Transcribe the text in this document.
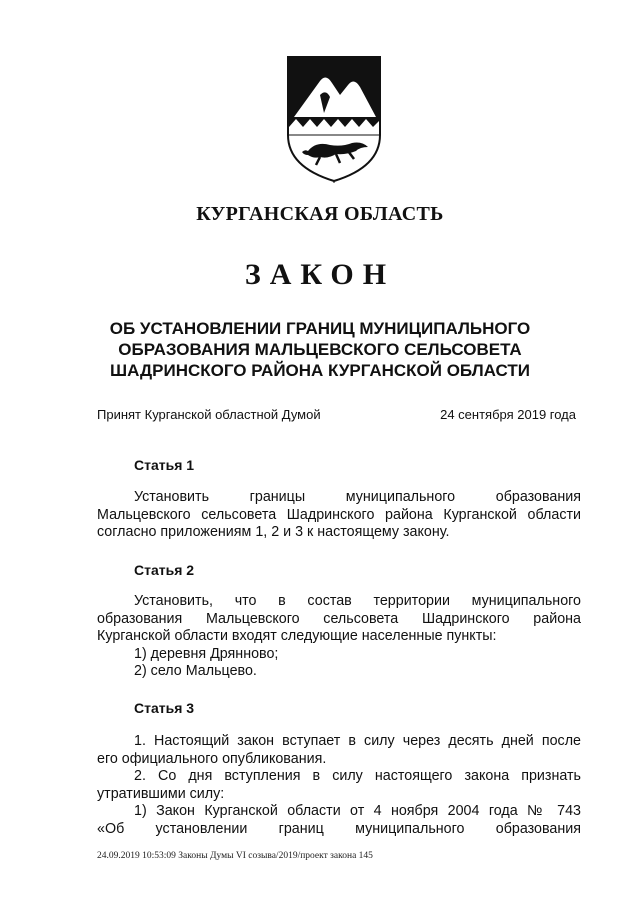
КУРГАНСКАЯ ОБЛАСТЬ
ЗАКОН
ОБ УСТАНОВЛЕНИИ ГРАНИЦ МУНИЦИПАЛЬНОГО
ОБРАЗОВАНИЯ МАЛЬЦЕВСКОГО СЕЛЬСОВЕТА
ШАДРИНСКОГО РАЙОНА КУРГАНСКОЙ ОБЛАСТИ
Принят Курганской областной Думой	24 сентября 2019 года
Статья 1
Установить границы муниципального образования
Мальцевского сельсовета Шадринского района Курганской области
согласно приложениям 1, 2 и 3 к настоящему закону.
Статья 2
Установить, что в состав территории муниципального
образования Мальцевского сельсовета Шадринского района
Курганской области входят следующие населенные пункты:
1) деревня Дрянново;
2) село Мальцево.
Статья 3
1. Настоящий закон вступает в силу через десять дней после
его официального опубликования.
2. Со дня вступления в силу настоящего закона признать
утратившими силу:
1) Закон Курганской области от 4 ноября 2004 года № 743
«Об установлении границ муниципального образования
24.09.2019 10:53:09 Законы Думы VI созыва/2019/проект закона 145
